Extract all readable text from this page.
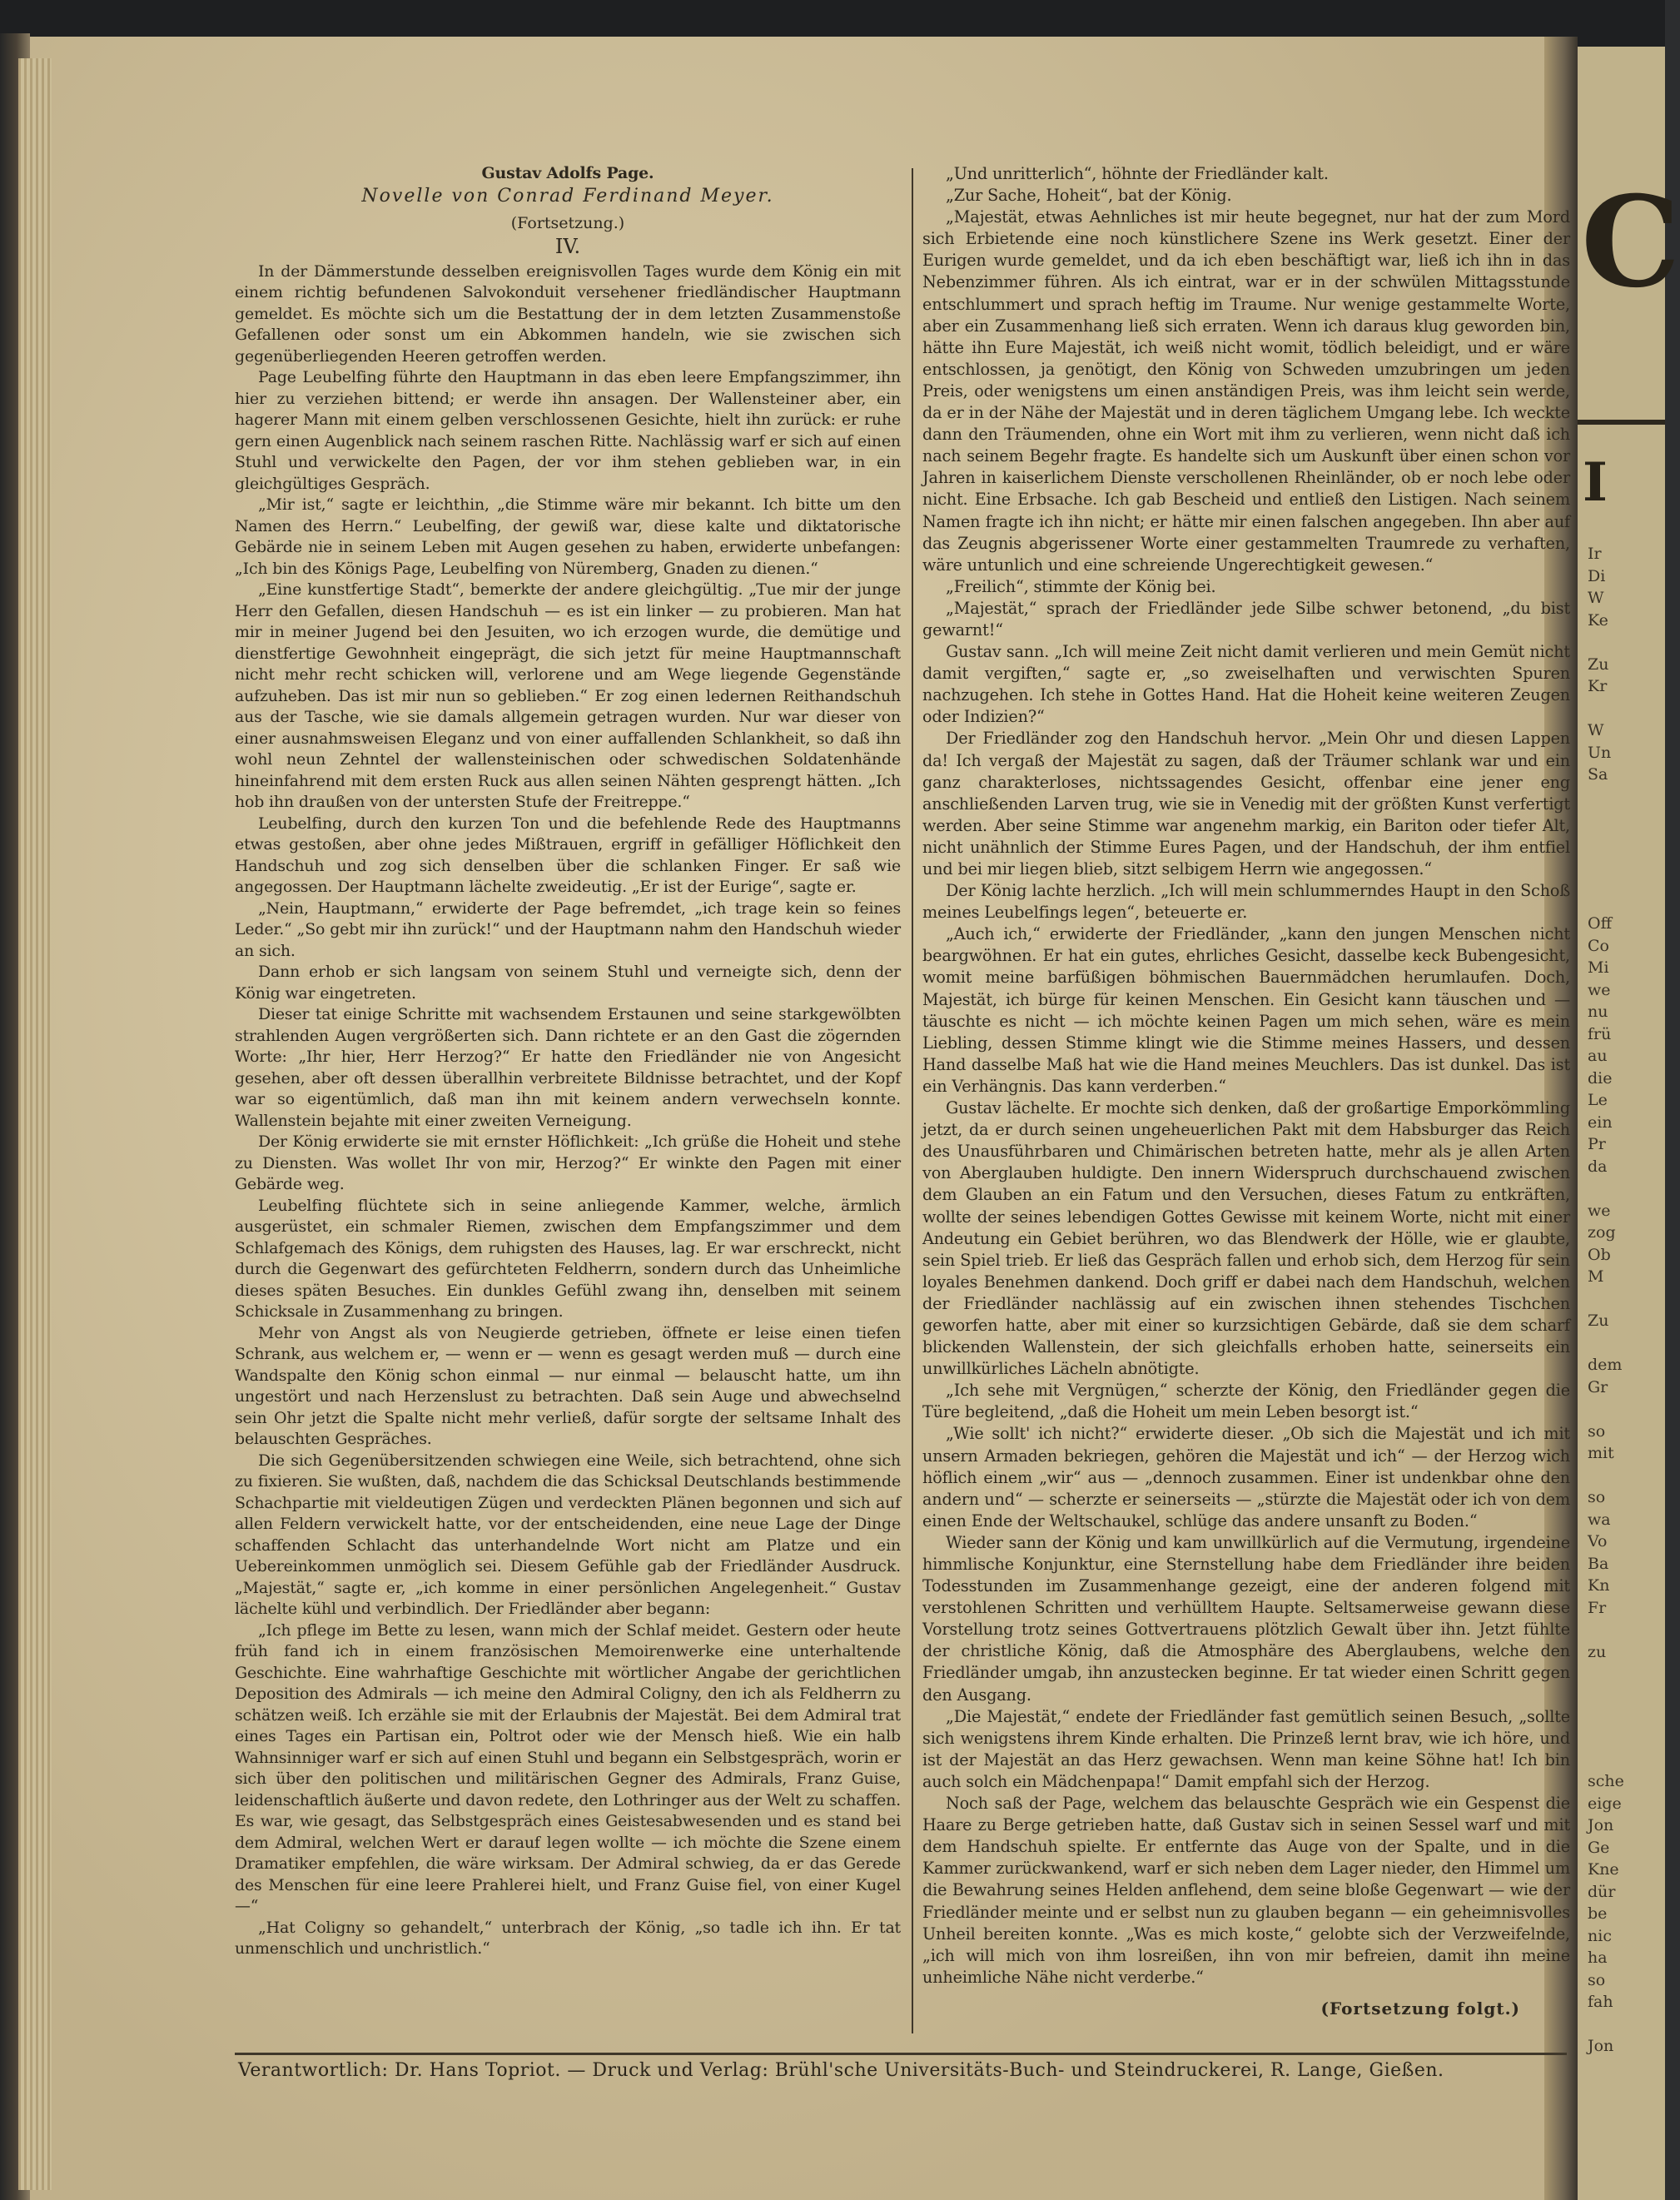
C
I
Ir
Di
W
Ke
Zu
Kr
W
Un
Sa
Off
Co
Mi
we
nu
frü
au
die
Le
ein
Pr
da
we
zog
Ob
M
Zu
dem
Gr
so
mit
so
wa
Vo
Ba
Kn
Fr
zu
sche
eige
Jon
Ge
Kne
dür
be
nic
ha
so
fah
Jon

Gustav Adolfs Page.

Novelle von Conrad Ferdinand Meyer.
(Fortsetzung.)
IV.

In der Dämmerstunde desselben ereignisvollen Tages wurde dem König ein mit einem richtig befundenen Salvokonduit versehener friedländischer Hauptmann gemeldet. Es möchte sich um die Bestattung der in dem letzten Zusammenstoße Gefallenen oder sonst um ein Abkommen handeln, wie sie zwischen sich gegenüberliegenden Heeren getroffen werden.

Page Leubelfing führte den Hauptmann in das eben leere Empfangszimmer, ihn hier zu verziehen bittend; er werde ihn ansagen. Der Wallensteiner aber, ein hagerer Mann mit einem gelben verschlossenen Gesichte, hielt ihn zurück: er ruhe gern einen Augenblick nach seinem raschen Ritte. Nachlässig warf er sich auf einen Stuhl und verwickelte den Pagen, der vor ihm stehen geblieben war, in ein gleichgültiges Gespräch.

„Mir ist,“ sagte er leichthin, „die Stimme wäre mir bekannt. Ich bitte um den Namen des Herrn.“ Leubelfing, der gewiß war, diese kalte und diktatorische Gebärde nie in seinem Leben mit Augen gesehen zu haben, erwiderte unbefangen: „Ich bin des Königs Page, Leubelfing von Nüremberg, Gnaden zu dienen.“

„Eine kunstfertige Stadt“, bemerkte der andere gleichgültig. „Tue mir der junge Herr den Gefallen, diesen Handschuh — es ist ein linker — zu probieren. Man hat mir in meiner Jugend bei den Jesuiten, wo ich erzogen wurde, die demütige und dienstfertige Gewohnheit eingeprägt, die sich jetzt für meine Hauptmannschaft nicht mehr recht schicken will, verlorene und am Wege liegende Gegenstände aufzuheben. Das ist mir nun so geblieben.“ Er zog einen ledernen Reithandschuh aus der Tasche, wie sie damals allgemein getragen wurden. Nur war dieser von einer ausnahmsweisen Eleganz und von einer auffallenden Schlankheit, so daß ihn wohl neun Zehntel der wallensteinischen oder schwedischen Soldatenhände hineinfahrend mit dem ersten Ruck aus allen seinen Nähten gesprengt hätten. „Ich hob ihn draußen von der untersten Stufe der Freitreppe.“

Leubelfing, durch den kurzen Ton und die befehlende Rede des Hauptmanns etwas gestoßen, aber ohne jedes Mißtrauen, ergriff in gefälliger Höflichkeit den Handschuh und zog sich denselben über die schlanken Finger. Er saß wie angegossen. Der Hauptmann lächelte zweideutig. „Er ist der Eurige“, sagte er.

„Nein, Hauptmann,“ erwiderte der Page befremdet, „ich trage kein so feines Leder.“ „So gebt mir ihn zurück!“ und der Hauptmann nahm den Handschuh wieder an sich.

Dann erhob er sich langsam von seinem Stuhl und verneigte sich, denn der König war eingetreten.

Dieser tat einige Schritte mit wachsendem Erstaunen und seine starkgewölbten strahlenden Augen vergrößerten sich. Dann richtete er an den Gast die zögernden Worte: „Ihr hier, Herr Herzog?“ Er hatte den Friedländer nie von Angesicht gesehen, aber oft dessen überallhin verbreitete Bildnisse betrachtet, und der Kopf war so eigentümlich, daß man ihn mit keinem andern verwechseln konnte. Wallenstein bejahte mit einer zweiten Verneigung.

Der König erwiderte sie mit ernster Höflichkeit: „Ich grüße die Hoheit und stehe zu Diensten. Was wollet Ihr von mir, Herzog?“ Er winkte den Pagen mit einer Gebärde weg.

Leubelfing flüchtete sich in seine anliegende Kammer, welche, ärmlich ausgerüstet, ein schmaler Riemen, zwischen dem Empfangszimmer und dem Schlafgemach des Königs, dem ruhigsten des Hauses, lag. Er war erschreckt, nicht durch die Gegenwart des gefürchteten Feldherrn, sondern durch das Unheimliche dieses späten Besuches. Ein dunkles Gefühl zwang ihn, denselben mit seinem Schicksale in Zusammenhang zu bringen.

Mehr von Angst als von Neugierde getrieben, öffnete er leise einen tiefen Schrank, aus welchem er, — wenn er — wenn es gesagt werden muß — durch eine Wandspalte den König schon einmal — nur einmal — belauscht hatte, um ihn ungestört und nach Herzenslust zu betrachten. Daß sein Auge und abwechselnd sein Ohr jetzt die Spalte nicht mehr verließ, dafür sorgte der seltsame Inhalt des belauschten Gespräches.

Die sich Gegenübersitzenden schwiegen eine Weile, sich betrachtend, ohne sich zu fixieren. Sie wußten, daß, nachdem die das Schicksal Deutschlands bestimmende Schachpartie mit vieldeutigen Zügen und verdeckten Plänen begonnen und sich auf allen Feldern verwickelt hatte, vor der entscheidenden, eine neue Lage der Dinge schaffenden Schlacht das unterhandelnde Wort nicht am Platze und ein Uebereinkommen unmöglich sei. Diesem Gefühle gab der Friedländer Ausdruck. „Majestät,“ sagte er, „ich komme in einer persönlichen Angelegenheit.“ Gustav lächelte kühl und verbindlich. Der Friedländer aber begann:

„Ich pflege im Bette zu lesen, wann mich der Schlaf meidet. Gestern oder heute früh fand ich in einem französischen Memoirenwerke eine unterhaltende Geschichte. Eine wahrhaftige Geschichte mit wörtlicher Angabe der gerichtlichen Deposition des Admirals — ich meine den Admiral Coligny, den ich als Feldherrn zu schätzen weiß. Ich erzähle sie mit der Erlaubnis der Majestät. Bei dem Admiral trat eines Tages ein Partisan ein, Poltrot oder wie der Mensch hieß. Wie ein halb Wahnsinniger warf er sich auf einen Stuhl und begann ein Selbstgespräch, worin er sich über den politischen und militärischen Gegner des Admirals, Franz Guise, leidenschaftlich äußerte und davon redete, den Lothringer aus der Welt zu schaffen. Es war, wie gesagt, das Selbstgespräch eines Geistesabwesenden und es stand bei dem Admiral, welchen Wert er darauf legen wollte — ich möchte die Szene einem Dramatiker empfehlen, die wäre wirksam. Der Admiral schwieg, da er das Gerede des Menschen für eine leere Prahlerei hielt, und Franz Guise fiel, von einer Kugel —“

„Hat Coligny so gehandelt,“ unterbrach der König, „so tadle ich ihn. Er tat unmenschlich und unchristlich.“

„Und unritterlich“, höhnte der Friedländer kalt.

„Zur Sache, Hoheit“, bat der König.

„Majestät, etwas Aehnliches ist mir heute begegnet, nur hat der zum Mord sich Erbietende eine noch künstlichere Szene ins Werk gesetzt. Einer der Eurigen wurde gemeldet, und da ich eben beschäftigt war, ließ ich ihn in das Nebenzimmer führen. Als ich eintrat, war er in der schwülen Mittagsstunde entschlummert und sprach heftig im Traume. Nur wenige gestammelte Worte, aber ein Zusammenhang ließ sich erraten. Wenn ich daraus klug geworden bin, hätte ihn Eure Majestät, ich weiß nicht womit, tödlich beleidigt, und er wäre entschlossen, ja genötigt, den König von Schweden umzubringen um jeden Preis, oder wenigstens um einen anständigen Preis, was ihm leicht sein werde, da er in der Nähe der Majestät und in deren täglichem Umgang lebe. Ich weckte dann den Träumenden, ohne ein Wort mit ihm zu verlieren, wenn nicht daß ich nach seinem Begehr fragte. Es handelte sich um Auskunft über einen schon vor Jahren in kaiserlichem Dienste verschollenen Rheinländer, ob er noch lebe oder nicht. Eine Erbsache. Ich gab Bescheid und entließ den Listigen. Nach seinem Namen fragte ich ihn nicht; er hätte mir einen falschen angegeben. Ihn aber auf das Zeugnis abgerissener Worte einer gestammelten Traumrede zu verhaften, wäre untunlich und eine schreiende Ungerechtigkeit gewesen.“

„Freilich“, stimmte der König bei.

„Majestät,“ sprach der Friedländer jede Silbe schwer betonend, „du bist gewarnt!“

Gustav sann. „Ich will meine Zeit nicht damit verlieren und mein Gemüt nicht damit vergiften,“ sagte er, „so zweiselhaften und verwischten Spuren nachzugehen. Ich stehe in Gottes Hand. Hat die Hoheit keine weiteren Zeugen oder Indizien?“

Der Friedländer zog den Handschuh hervor. „Mein Ohr und diesen Lappen da! Ich vergaß der Majestät zu sagen, daß der Träumer schlank war und ein ganz charakterloses, nichtssagendes Gesicht, offenbar eine jener eng anschließenden Larven trug, wie sie in Venedig mit der größten Kunst verfertigt werden. Aber seine Stimme war angenehm markig, ein Bariton oder tiefer Alt, nicht unähnlich der Stimme Eures Pagen, und der Handschuh, der ihm entfiel und bei mir liegen blieb, sitzt selbigem Herrn wie angegossen.“

Der König lachte herzlich. „Ich will mein schlummerndes Haupt in den Schoß meines Leubelfings legen“, beteuerte er.

„Auch ich,“ erwiderte der Friedländer, „kann den jungen Menschen nicht beargwöhnen. Er hat ein gutes, ehrliches Gesicht, dasselbe keck Bubengesicht, womit meine barfüßigen böhmischen Bauernmädchen herumlaufen. Doch, Majestät, ich bürge für keinen Menschen. Ein Gesicht kann täuschen und — täuschte es nicht — ich möchte keinen Pagen um mich sehen, wäre es mein Liebling, dessen Stimme klingt wie die Stimme meines Hassers, und dessen Hand dasselbe Maß hat wie die Hand meines Meuchlers. Das ist dunkel. Das ist ein Verhängnis. Das kann verderben.“

Gustav lächelte. Er mochte sich denken, daß der großartige Emporkömmling jetzt, da er durch seinen ungeheuerlichen Pakt mit dem Habsburger das Reich des Unausführbaren und Chimärischen betreten hatte, mehr als je allen Arten von Aberglauben huldigte. Den innern Widerspruch durchschauend zwischen dem Glauben an ein Fatum und den Versuchen, dieses Fatum zu entkräften, wollte der seines lebendigen Gottes Gewisse mit keinem Worte, nicht mit einer Andeutung ein Gebiet berühren, wo das Blendwerk der Hölle, wie er glaubte, sein Spiel trieb. Er ließ das Gespräch fallen und erhob sich, dem Herzog für sein loyales Benehmen dankend. Doch griff er dabei nach dem Handschuh, welchen der Friedländer nachlässig auf ein zwischen ihnen stehendes Tischchen geworfen hatte, aber mit einer so kurzsichtigen Gebärde, daß sie dem scharf blickenden Wallenstein, der sich gleichfalls erhoben hatte, seinerseits ein unwillkürliches Lächeln abnötigte.

„Ich sehe mit Vergnügen,“ scherzte der König, den Friedländer gegen die Türe begleitend, „daß die Hoheit um mein Leben besorgt ist.“

„Wie sollt' ich nicht?“ erwiderte dieser. „Ob sich die Majestät und ich mit unsern Armaden bekriegen, gehören die Majestät und ich“ — der Herzog wich höflich einem „wir“ aus — „dennoch zusammen. Einer ist undenkbar ohne den andern und“ — scherzte er seinerseits — „stürzte die Majestät oder ich von dem einen Ende der Weltschaukel, schlüge das andere unsanft zu Boden.“

Wieder sann der König und kam unwillkürlich auf die Vermutung, irgendeine himmlische Konjunktur, eine Sternstellung habe dem Friedländer ihre beiden Todesstunden im Zusammenhange gezeigt, eine der anderen folgend mit verstohlenen Schritten und verhülltem Haupte. Seltsamerweise gewann diese Vorstellung trotz seines Gottvertrauens plötzlich Gewalt über ihn. Jetzt fühlte der christliche König, daß die Atmosphäre des Aberglaubens, welche den Friedländer umgab, ihn anzustecken beginne. Er tat wieder einen Schritt gegen den Ausgang.

„Die Majestät,“ endete der Friedländer fast gemütlich seinen Besuch, „sollte sich wenigstens ihrem Kinde erhalten. Die Prinzeß lernt brav, wie ich höre, und ist der Majestät an das Herz gewachsen. Wenn man keine Söhne hat! Ich bin auch solch ein Mädchenpapa!“ Damit empfahl sich der Herzog.

Noch saß der Page, welchem das belauschte Gespräch wie ein Gespenst die Haare zu Berge getrieben hatte, daß Gustav sich in seinen Sessel warf und mit dem Handschuh spielte. Er entfernte das Auge von der Spalte, und in die Kammer zurückwankend, warf er sich neben dem Lager nieder, den Himmel um die Bewahrung seines Helden anflehend, dem seine bloße Gegenwart — wie der Friedländer meinte und er selbst nun zu glauben begann — ein geheimnisvolles Unheil bereiten konnte. „Was es mich koste,“ gelobte sich der Verzweifelnde, „ich will mich von ihm losreißen, ihn von mir befreien, damit ihn meine unheimliche Nähe nicht verderbe.“

(Fortsetzung folgt.)
Verantwortlich: Dr. Hans Topriot. — Druck und Verlag: Brühl'sche Universitäts-Buch- und Steindruckerei, R. Lange, Gießen.
